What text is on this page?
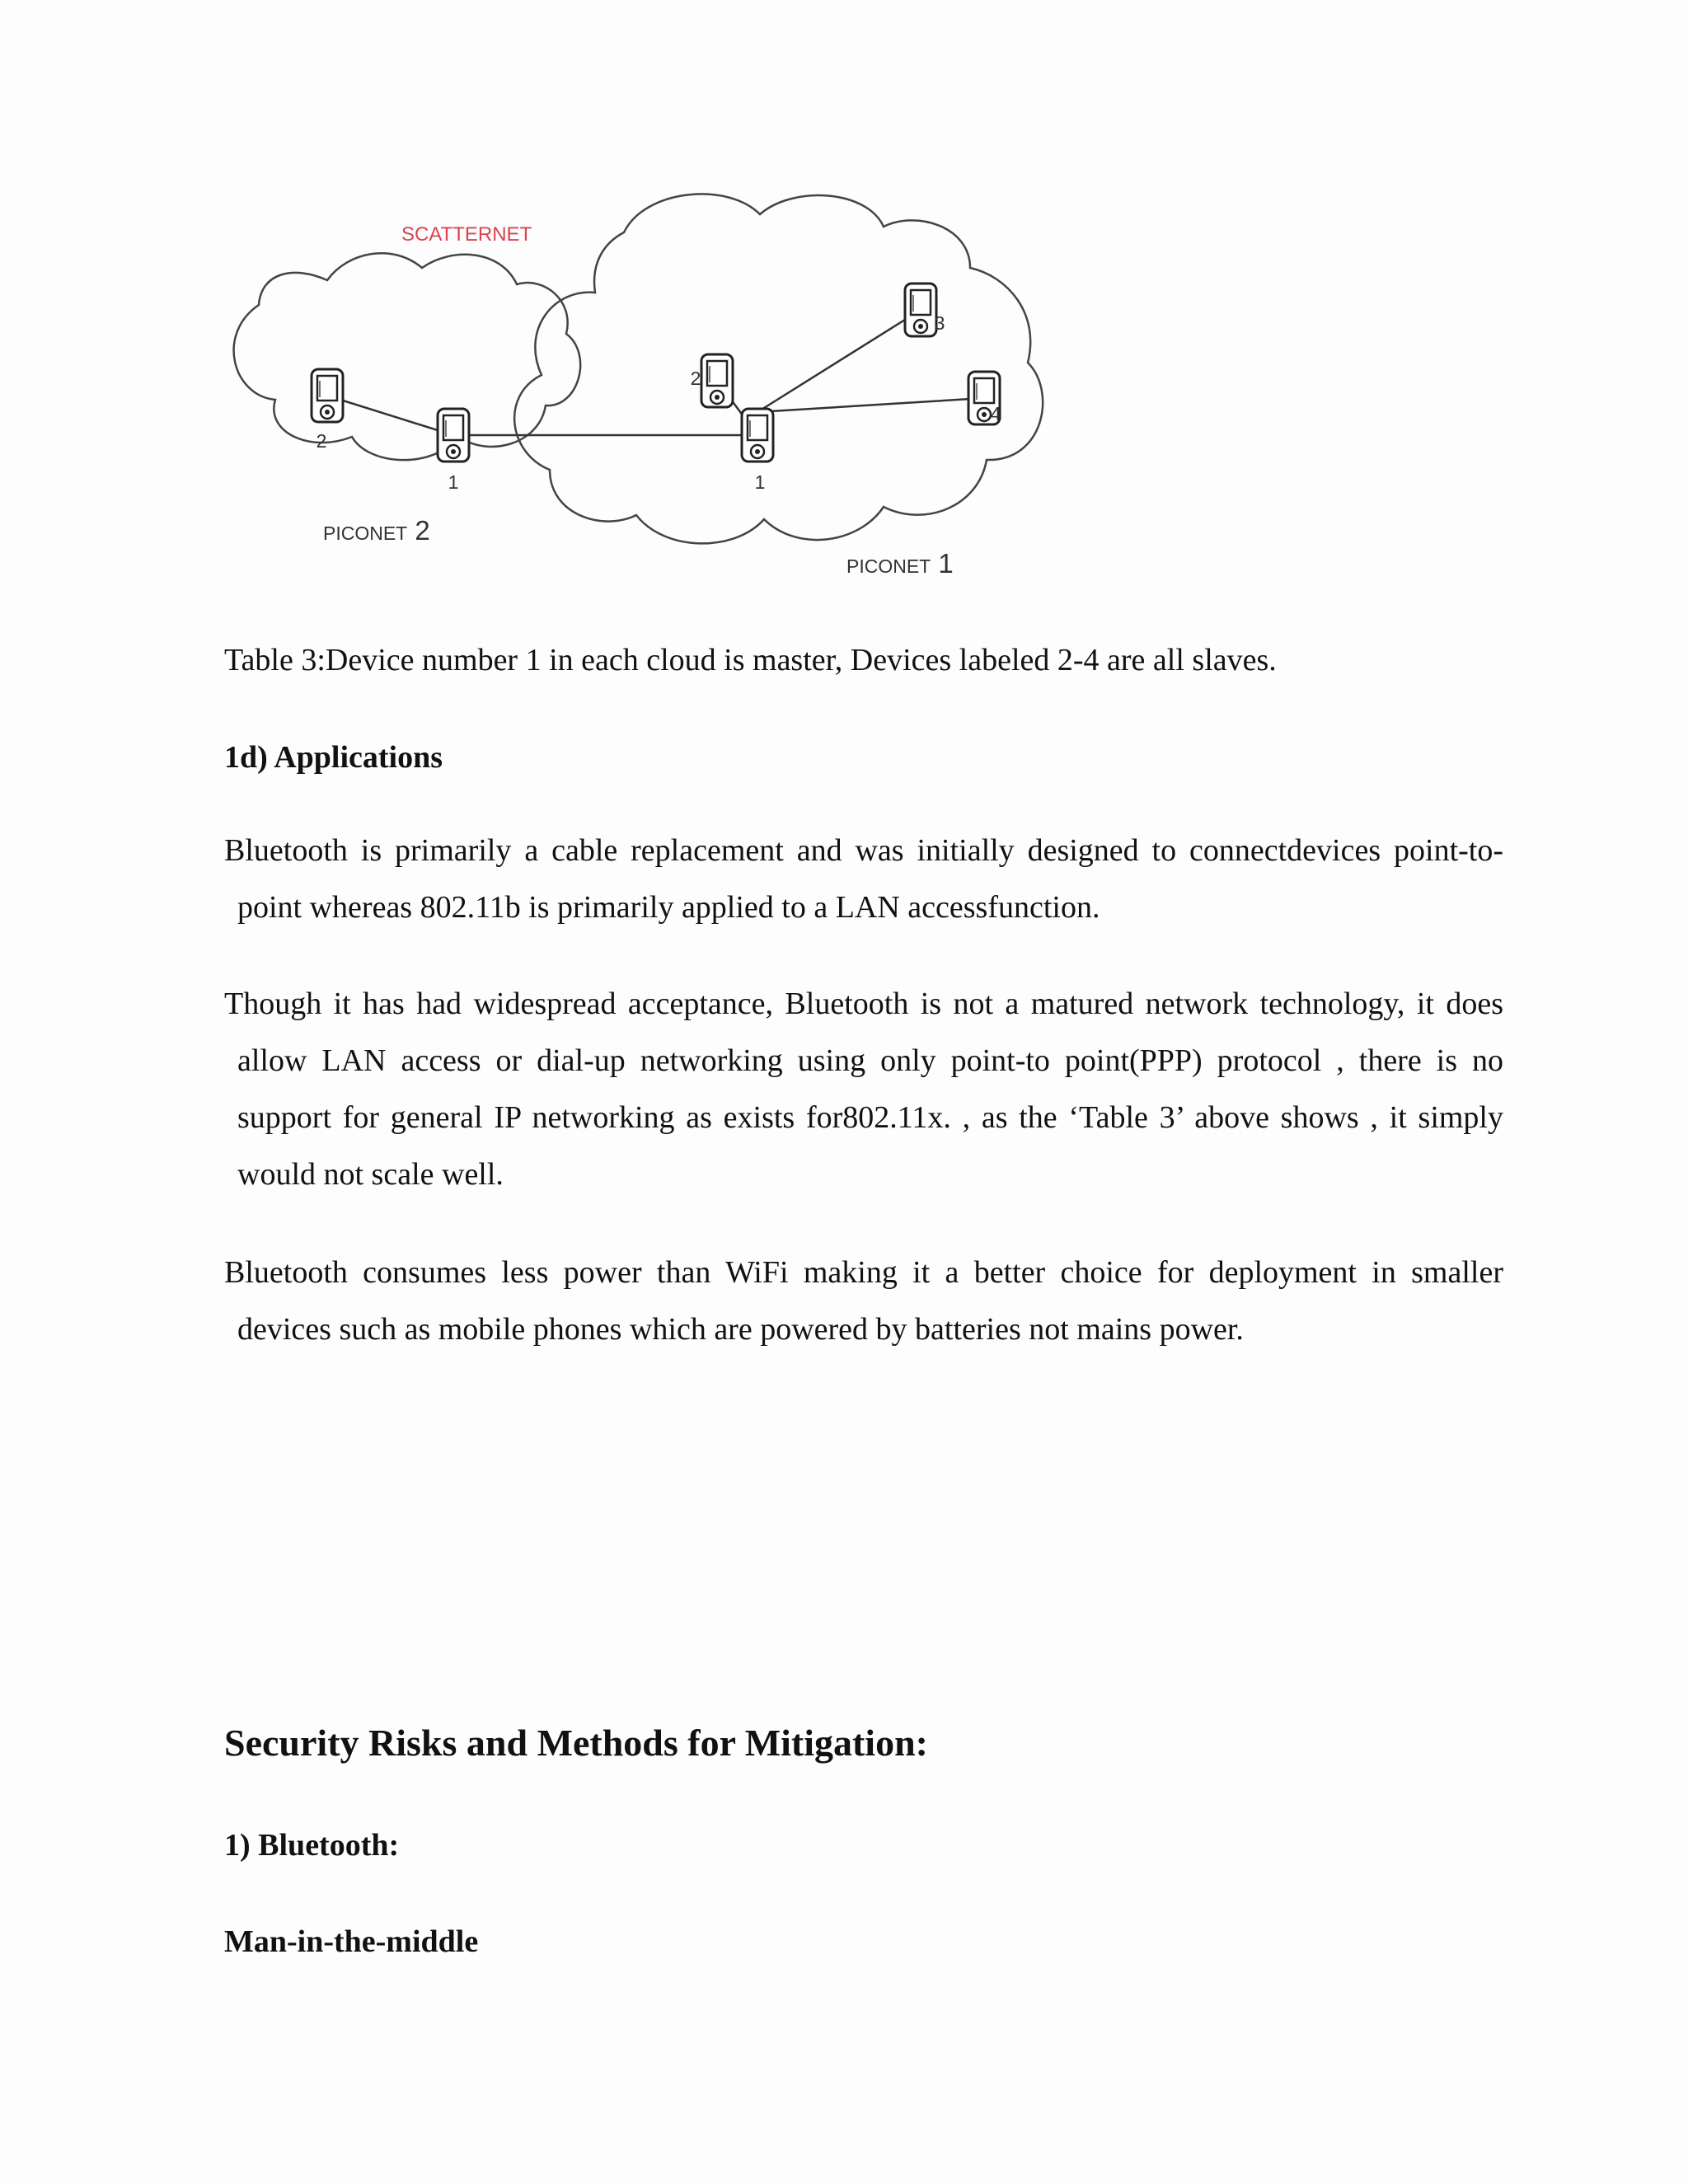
2
1
2
1
3
4
scatternet
piconet 2
piconet 1
Table 3:Device number 1 in each cloud is master, Devices labeled 2-4 are all slaves.
1d) Applications

Bluetooth is primarily a cable replacement and was initially designed to connectdevices point-to-point whereas 802.11b is primarily applied to a LAN accessfunction.

Though it has had widespread acceptance, Bluetooth is not a matured network technology, it does allow LAN access or dial-up networking using only point-to point(PPP) protocol , there is no support for general IP networking as exists for802.11x. , as the ‘Table 3’ above shows , it simply would not scale well.

Bluetooth consumes less power than WiFi making it a better choice for deployment in smaller devices such as mobile phones which are powered by batteries not mains power.

Security Risks and Methods for Mitigation:
1) Bluetooth:
Man-in-the-middle
